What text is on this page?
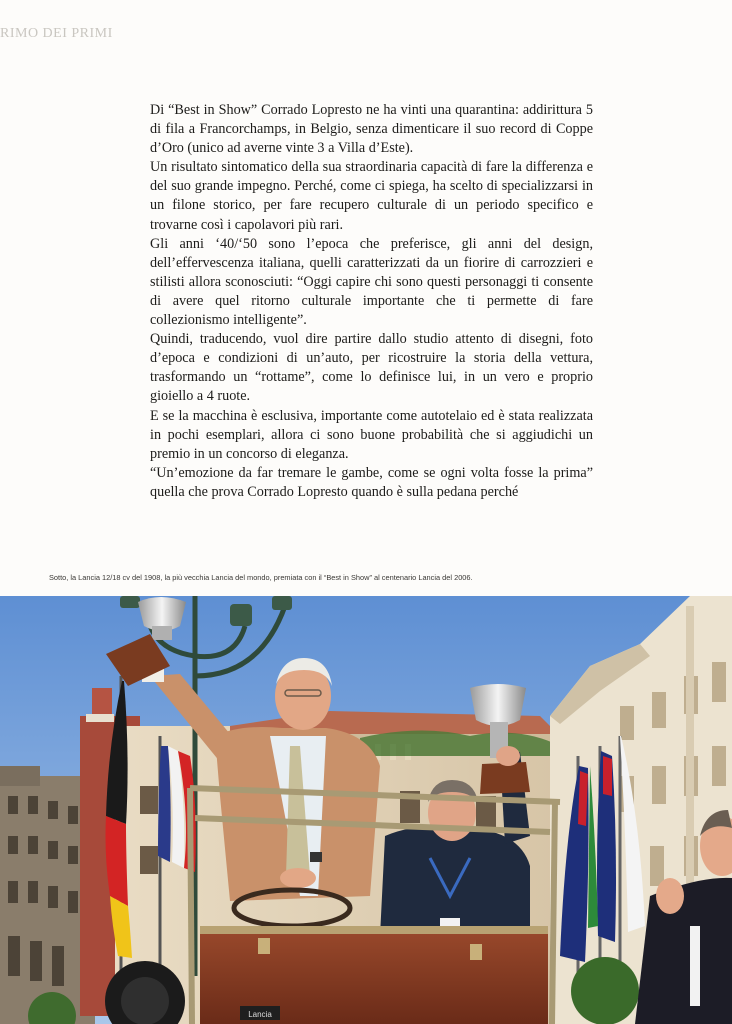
RIMO DEI PRIMI

Di “Best in Show” Corrado Lopresto ne ha vinti una quarantina: addirittura 5 di fila a Francorchamps, in Belgio, senza dimenticare il suo record di Coppe d’Oro (unico ad averne vinte 3 a Villa d’Este).

Un risultato sintomatico della sua straordinaria capacità di fare la differenza e del suo grande impegno. Perché, come ci spiega, ha scelto di specializzarsi in un filone storico, per fare recupero culturale di un periodo specifico e trovarne così i capolavori più rari.

Gli anni ‘40/‘50 sono l’epoca che preferisce, gli anni del design, dell’effervescenza italiana, quelli caratterizzati da un fiorire di carrozzieri e stilisti allora sconosciuti: “Oggi capire chi sono questi personaggi ti consente di avere quel ritorno culturale importante che ti permette di fare collezionismo intelligente”.

Quindi, traducendo, vuol dire partire dallo studio attento di disegni, foto d’epoca e condizioni di un’auto, per ricostruire la storia della vettura, trasformando un “rottame”, come lo definisce lui, in un vero e proprio gioiello a 4 ruote.

E se la macchina è esclusiva, importante come autotelaio ed è stata realizzata in pochi esemplari, allora ci sono buone probabilità che si aggiudichi un premio in un concorso di eleganza.

“Un’emozione da far tremare le gambe, come se ogni volta fosse la prima” quella che prova Corrado Lopresto quando è sulla pedana perché

Sotto, la Lancia 12/18 cv del 1908, la più vecchia Lancia del mondo, premiata con il “Best in Show” al centenario Lancia del 2006.
Lancia
